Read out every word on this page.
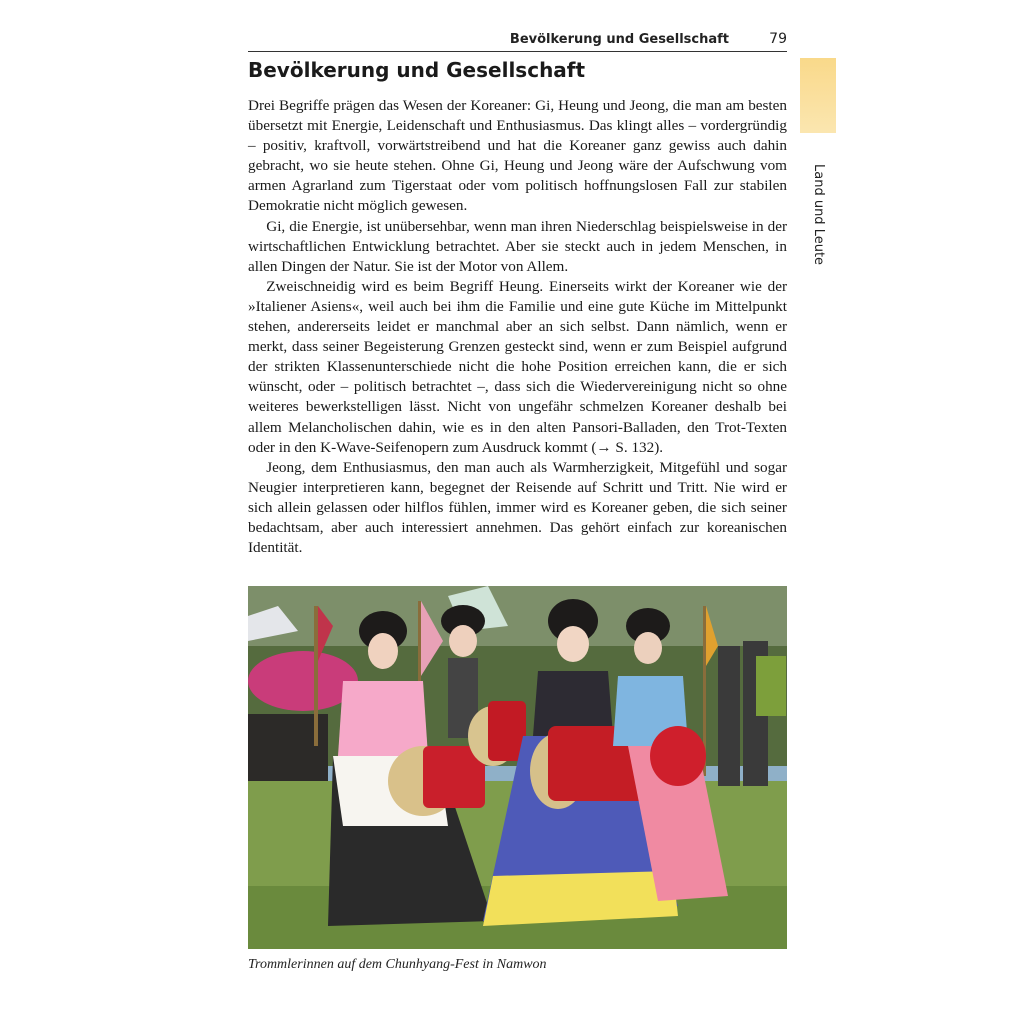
Bevölkerung und Gesellschaft	79
Land und Leute
Bevölkerung und Gesellschaft

Drei Begriffe prägen das Wesen der Koreaner: Gi, Heung und Jeong, die man am besten übersetzt mit Energie, Leidenschaft und Enthusiasmus. Das klingt alles – vordergründig – positiv, kraftvoll, vorwärtstreibend und hat die Koreaner ganz gewiss auch dahin gebracht, wo sie heute stehen. Ohne Gi, Heung und Jeong wäre der Aufschwung vom armen Agrarland zum Tigerstaat oder vom politisch hoffnungslosen Fall zur stabilen Demokratie nicht möglich gewesen.

Gi, die Energie, ist unübersehbar, wenn man ihren Niederschlag beispielsweise in der wirtschaftlichen Entwicklung betrachtet. Aber sie steckt auch in jedem Menschen, in allen Dingen der Natur. Sie ist der Motor von Allem.

Zweischneidig wird es beim Begriff Heung. Einerseits wirkt der Koreaner wie der »Italiener Asiens«, weil auch bei ihm die Familie und eine gute Küche im Mittelpunkt stehen, andererseits leidet er manchmal aber an sich selbst. Dann nämlich, wenn er merkt, dass seiner Begeisterung Grenzen gesteckt sind, wenn er zum Beispiel aufgrund der strikten Klassenunterschiede nicht die hohe Position erreichen kann, die er sich wünscht, oder – politisch betrachtet –, dass sich die Wiedervereinigung nicht so ohne weiteres bewerkstelligen lässt. Nicht von ungefähr schmelzen Koreaner deshalb bei allem Melancholischen dahin, wie es in den alten Pansori-Balladen, den Trot-Texten oder in den K-Wave-Seifenopern zum Ausdruck kommt (→ S. 132).

Jeong, dem Enthusiasmus, den man auch als Warmherzigkeit, Mitgefühl und sogar Neugier interpretieren kann, begegnet der Reisende auf Schritt und Tritt. Nie wird er sich allein gelassen oder hilflos fühlen, immer wird es Koreaner geben, die sich seiner bedachtsam, aber auch interessiert annehmen. Das gehört einfach zur koreanischen Identität.

Trommlerinnen auf dem Chunhyang-Fest in Namwon
